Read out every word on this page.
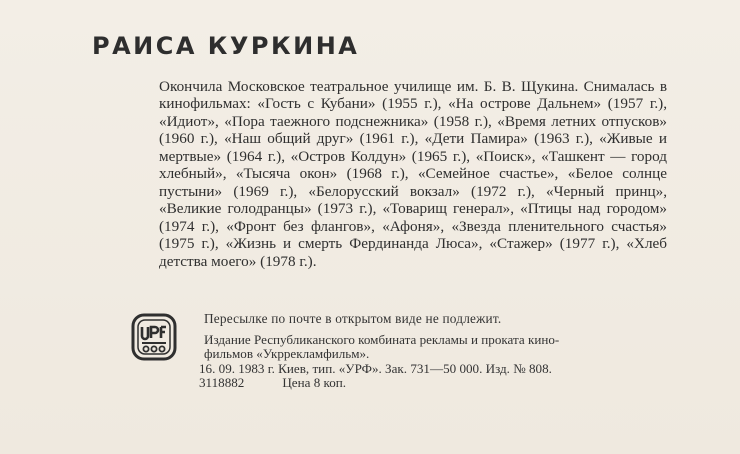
РАИСА КУРКИНА
Окончила Московское театральное училище им. Б. В. Щукина. Снималась в кинофильмах: «Гость с Кубани» (1955 г.), «На острове Дальнем» (1957 г.), «Идиот», «Пора таежного подснежника» (1958 г.), «Время летних отпусков» (1960 г.), «Наш общий друг» (1961 г.), «Дети Памира» (1963 г.), «Живые и мертвые» (1964 г.), «Остров Колдун» (1965 г.), «Поиск», «Ташкент — город хлебный», «Тысяча окон» (1968 г.), «Семейное счастье», «Белое солнце пустыни» (1969 г.), «Белорусский вокзал» (1972 г.), «Черный принц», «Великие голодранцы» (1973 г.), «Товарищ генерал», «Птицы над городом» (1974 г.), «Фронт без флангов», «Афоня», «Звезда пленительного счастья» (1975 г.), «Жизнь и смерть Фердинанда Люса», «Стажер» (1977 г.), «Хлеб детства моего» (1978 г.).
Пересылке по почте в открытом виде не подлежит.
Издание Республиканского комбината рекламы и проката кино-
фильмов «Укррекламфильм».
16. 09. 1983 г. Киев, тип. «УРФ». Зак. 731—50 000. Изд. № 808.
3118882	Цена 8 коп.
